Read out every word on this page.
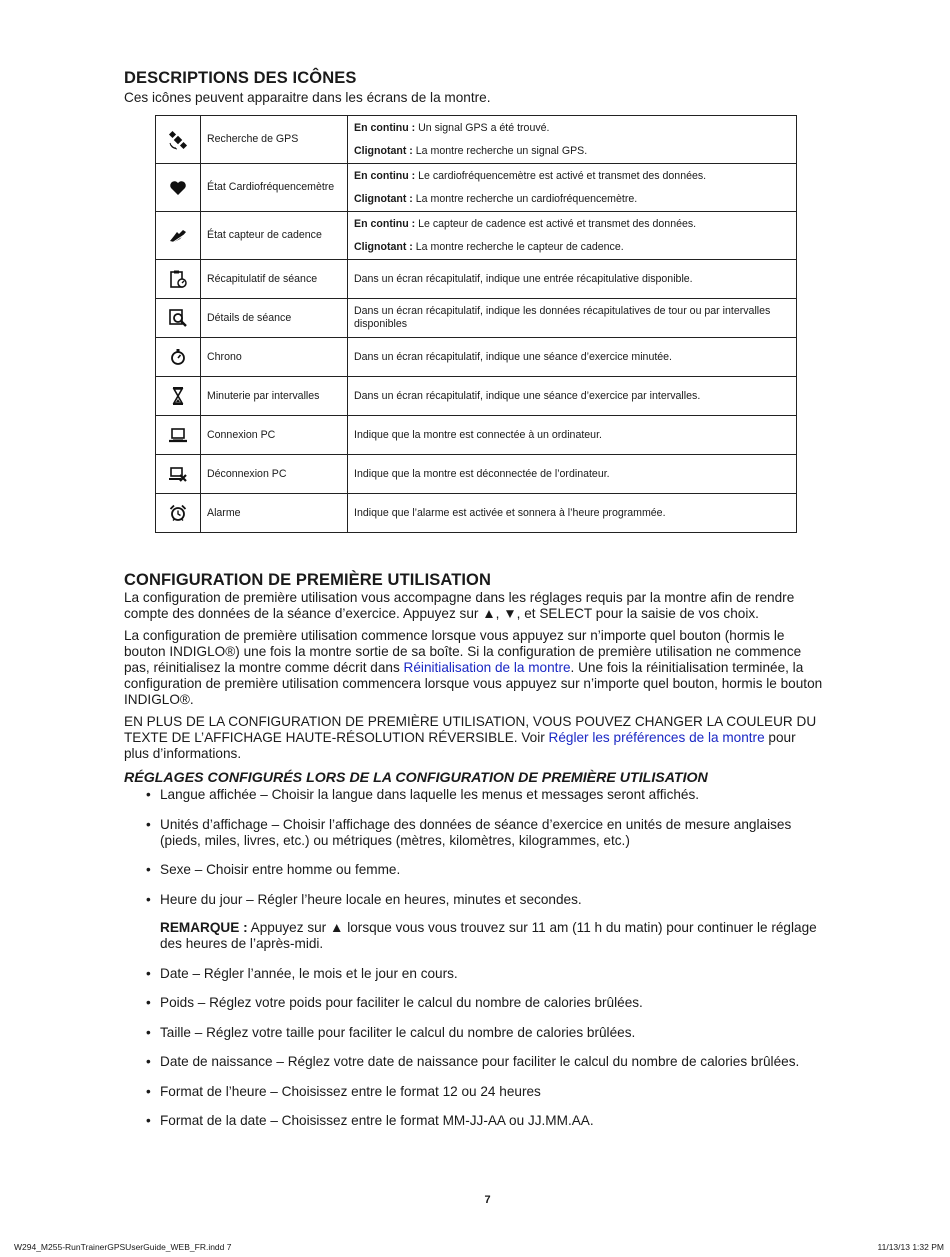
DESCRIPTIONS DES ICÔNES

Ces icônes peuvent apparaitre dans les écrans de la montre.

	Recherche de GPS	En continu : Un signal GPS a été trouvé.
Clignotant : La montre recherche un signal GPS.

	État Cardiofréquencemètre	En continu : Le cardiofréquencemètre est activé et transmet des données.
Clignotant : La montre recherche un cardiofréquencemètre.

	État capteur de cadence	En continu : Le capteur de cadence est activé et transmet des données.
Clignotant : La montre recherche le capteur de cadence.

	Récapitulatif de séance	Dans un écran récapitulatif, indique une entrée récapitulative disponible.
	Détails de séance	Dans un écran récapitulatif, indique les données récapitulatives de tour ou par intervalles disponibles
	Chrono	Dans un écran récapitulatif, indique une séance d’exercice minutée.
	Minuterie par intervalles	Dans un écran récapitulatif, indique une séance d’exercice par intervalles.
	Connexion PC	Indique que la montre est connectée à un ordinateur.
	Déconnexion PC	Indique que la montre est déconnectée de l’ordinateur.
	Alarme	Indique que l’alarme est activée et sonnera à l’heure programmée.
CONFIGURATION DE PREMIÈRE UTILISATION

La configuration de première utilisation vous accompagne dans les réglages requis par la montre afin de rendre compte des données de la séance d’exercice. Appuyez sur ▲, ▼, et SELECT pour la saisie de vos choix.

La configuration de première utilisation commence lorsque vous appuyez sur n’importe quel bouton (hormis le bouton INDIGLO®) une fois la montre sortie de sa boîte. Si la configuration de première utilisation ne commence pas, réinitialisez la montre comme décrit dans Réinitialisation de la montre. Une fois la réinitialisation terminée, la configuration de première utilisation commencera lorsque vous appuyez sur n’importe quel bouton, hormis le bouton INDIGLO®.

EN PLUS DE LA CONFIGURATION DE PREMIÈRE UTILISATION, VOUS POUVEZ CHANGER LA COULEUR DU TEXTE DE L’AFFICHAGE HAUTE-RÉSOLUTION RÉVERSIBLE. Voir Régler les préférences de la montre pour plus d’informations.

RÉGLAGES CONFIGURÉS LORS DE LA CONFIGURATION DE PREMIÈRE UTILISATION
• Langue affichée – Choisir la langue dans laquelle les menus et messages seront affichés.
• Unités d’affichage – Choisir l’affichage des données de séance d’exercice en unités de mesure anglaises (pieds, miles, livres, etc.) ou métriques (mètres, kilomètres, kilogrammes, etc.)
• Sexe – Choisir entre homme ou femme.
• Heure du jour – Régler l’heure locale en heures, minutes et secondes.
REMARQUE : Appuyez sur ▲ lorsque vous vous trouvez sur 11 am (11 h du matin) pour continuer le réglage des heures de l’après-midi.
• Date – Régler l’année, le mois et le jour en cours.
• Poids – Réglez votre poids pour faciliter le calcul du nombre de calories brûlées.
• Taille – Réglez votre taille pour faciliter le calcul du nombre de calories brûlées.
• Date de naissance – Réglez votre date de naissance pour faciliter le calcul du nombre de calories brûlées.
• Format de l’heure – Choisissez entre le format 12 ou 24 heures
• Format de la date – Choisissez entre le format MM-JJ-AA ou JJ.MM.AA.
7
W294_M255-RunTrainerGPSUserGuide_WEB_FR.indd 7	11/13/13 1:32 PM
